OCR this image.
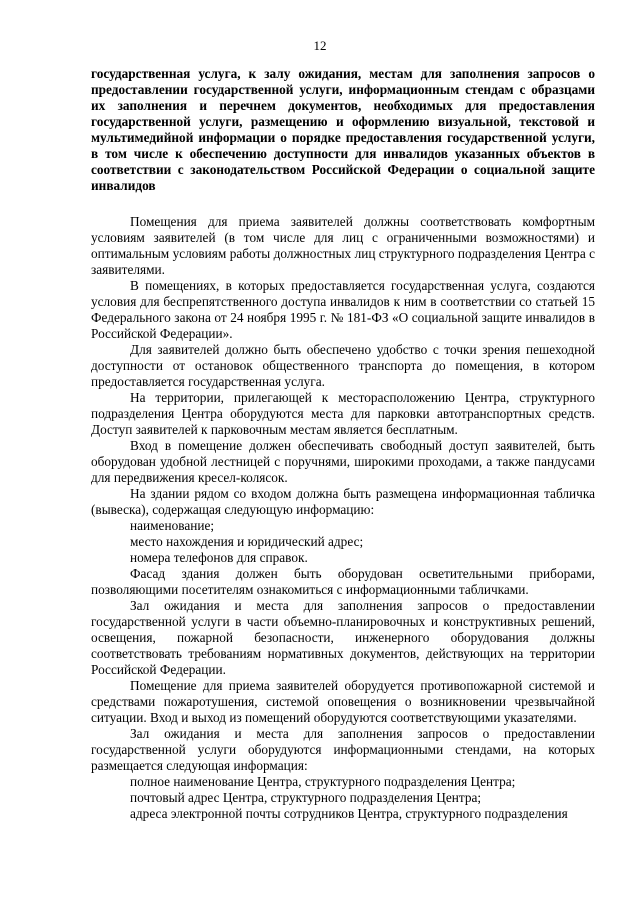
12

государственная услуга, к залу ожидания, местам для заполнения запросов о предоставлении государственной услуги, информационным стендам с образцами их заполнения и перечнем документов, необходимых для предоставления государственной услуги, размещению и оформлению визуальной, текстовой и мультимедийной информации о порядке предоставления государственной услуги, в том числе к обеспечению доступности для инвалидов указанных объектов в соответствии с законодательством Российской Федерации о социальной защите инвалидов

Помещения для приема заявителей должны соответствовать комфортным условиям заявителей (в том числе для лиц с ограниченными возможностями) и оптимальным условиям работы должностных лиц структурного подразделения Центра с заявителями.

В помещениях, в которых предоставляется государственная услуга, создаются условия для беспрепятственного доступа инвалидов к ним в соответствии со статьей 15 Федерального закона от 24 ноября 1995 г. № 181-ФЗ «О социальной защите инвалидов в Российской Федерации».

Для заявителей должно быть обеспечено удобство с точки зрения пешеходной доступности от остановок общественного транспорта до помещения, в котором предоставляется государственная услуга.

На территории, прилегающей к месторасположению Центра, структурного подразделения Центра оборудуются места для парковки автотранспортных средств. Доступ заявителей к парковочным местам является бесплатным.

Вход в помещение должен обеспечивать свободный доступ заявителей, быть оборудован удобной лестницей с поручнями, широкими проходами, а также пандусами для передвижения кресел-колясок.

На здании рядом со входом должна быть размещена информационная табличка (вывеска), содержащая следующую информацию:

наименование;

место нахождения и юридический адрес;

номера телефонов для справок.

Фасад здания должен быть оборудован осветительными приборами, позволяющими посетителям ознакомиться с информационными табличками.

Зал ожидания и места для заполнения запросов о предоставлении государственной услуги в части объемно-планировочных и конструктивных решений, освещения, пожарной безопасности, инженерного оборудования должны соответствовать требованиям нормативных документов, действующих на территории Российской Федерации.

Помещение для приема заявителей оборудуется противопожарной системой и средствами пожаротушения, системой оповещения о возникновении чрезвычайной ситуации. Вход и выход из помещений оборудуются соответствующими указателями.

Зал ожидания и места для заполнения запросов о предоставлении государственной услуги оборудуются информационными стендами, на которых размещается следующая информация:

полное наименование Центра, структурного подразделения Центра;

почтовый адрес Центра, структурного подразделения Центра;

адреса электронной почты сотрудников Центра, структурного подразделения
